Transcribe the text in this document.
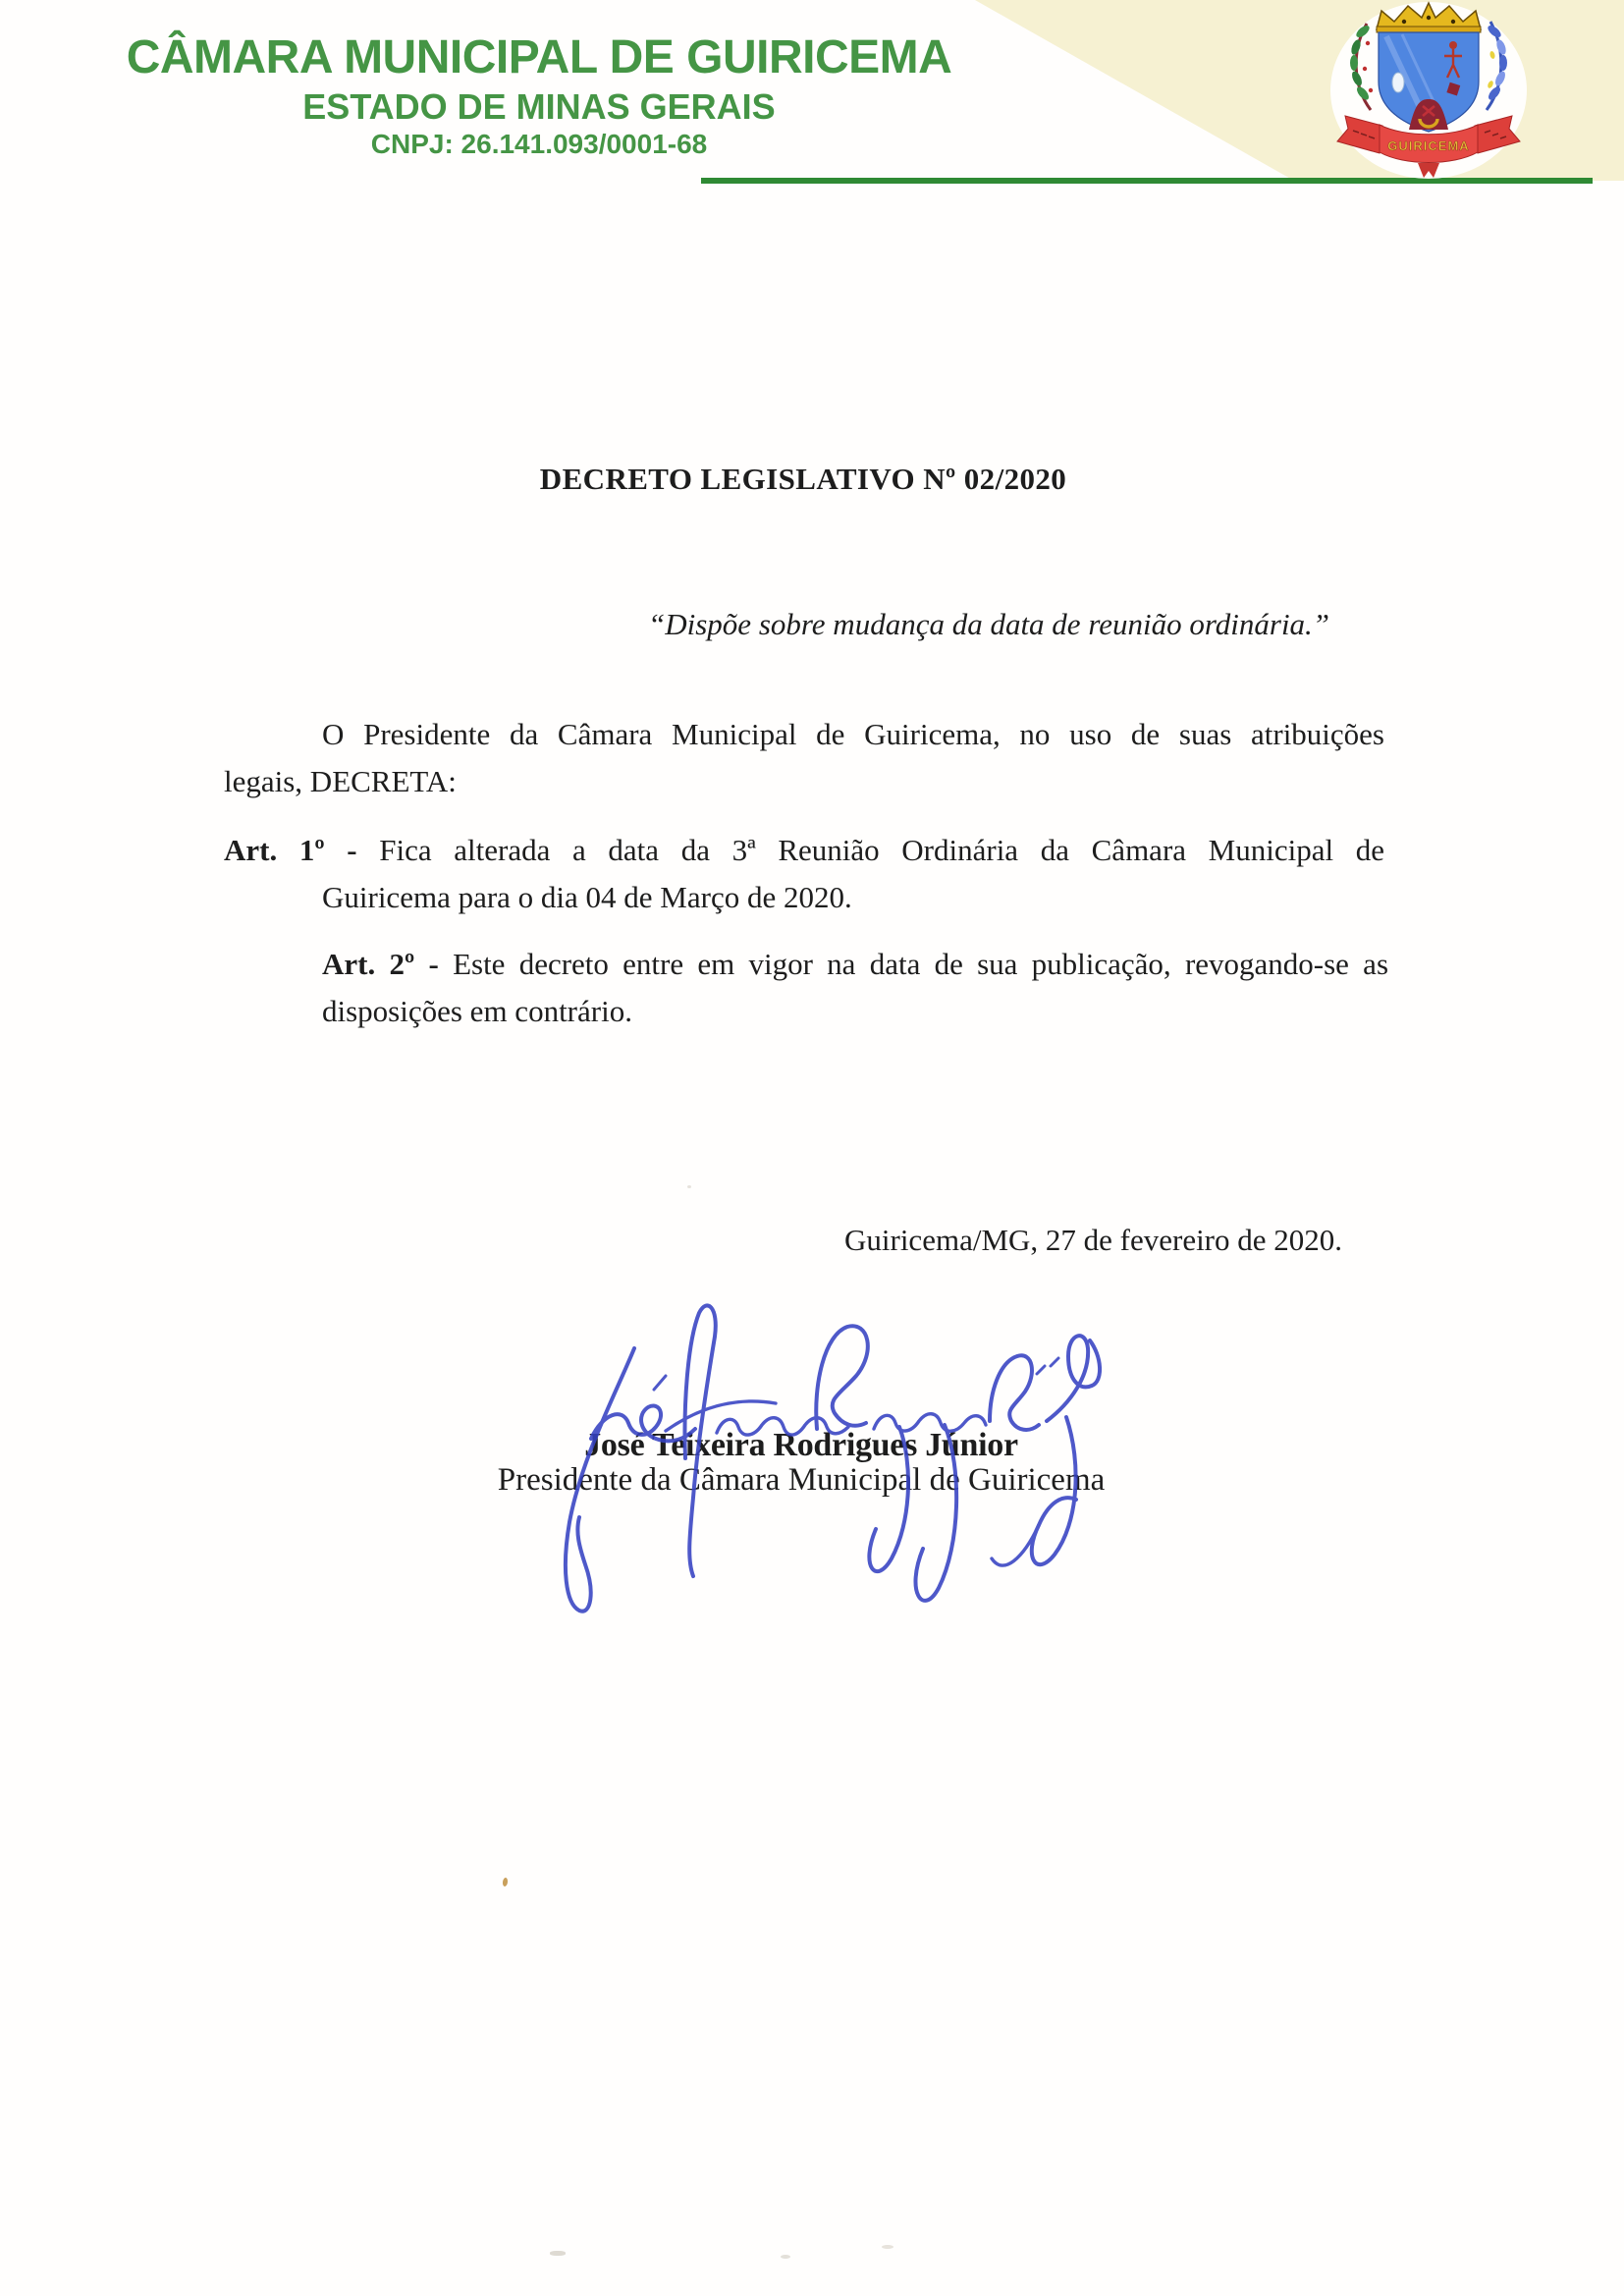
CÂMARA MUNICIPAL DE GUIRICEMA
ESTADO DE MINAS GERAIS
CNPJ: 26.141.093/0001-68	GUIRICEMA
DECRETO LEGISLATIVO Nº 02/2020
“Dispõe sobre mudança da data de reunião ordinária.”
O Presidente da Câmara Municipal de Guiricema, no uso de suas atribuições
legais, DECRETA:
Art. 1º - Fica alterada a data da 3ª Reunião Ordinária da Câmara Municipal de
Guiricema para o dia 04 de Março de 2020.
Art. 2º - Este decreto entre em vigor na data de sua publicação, revogando-se as
disposições em contrário.
Guiricema/MG, 27 de fevereiro de 2020.
José Teixeira Rodrigues Júnior
Presidente da Câmara Municipal de Guiricema
